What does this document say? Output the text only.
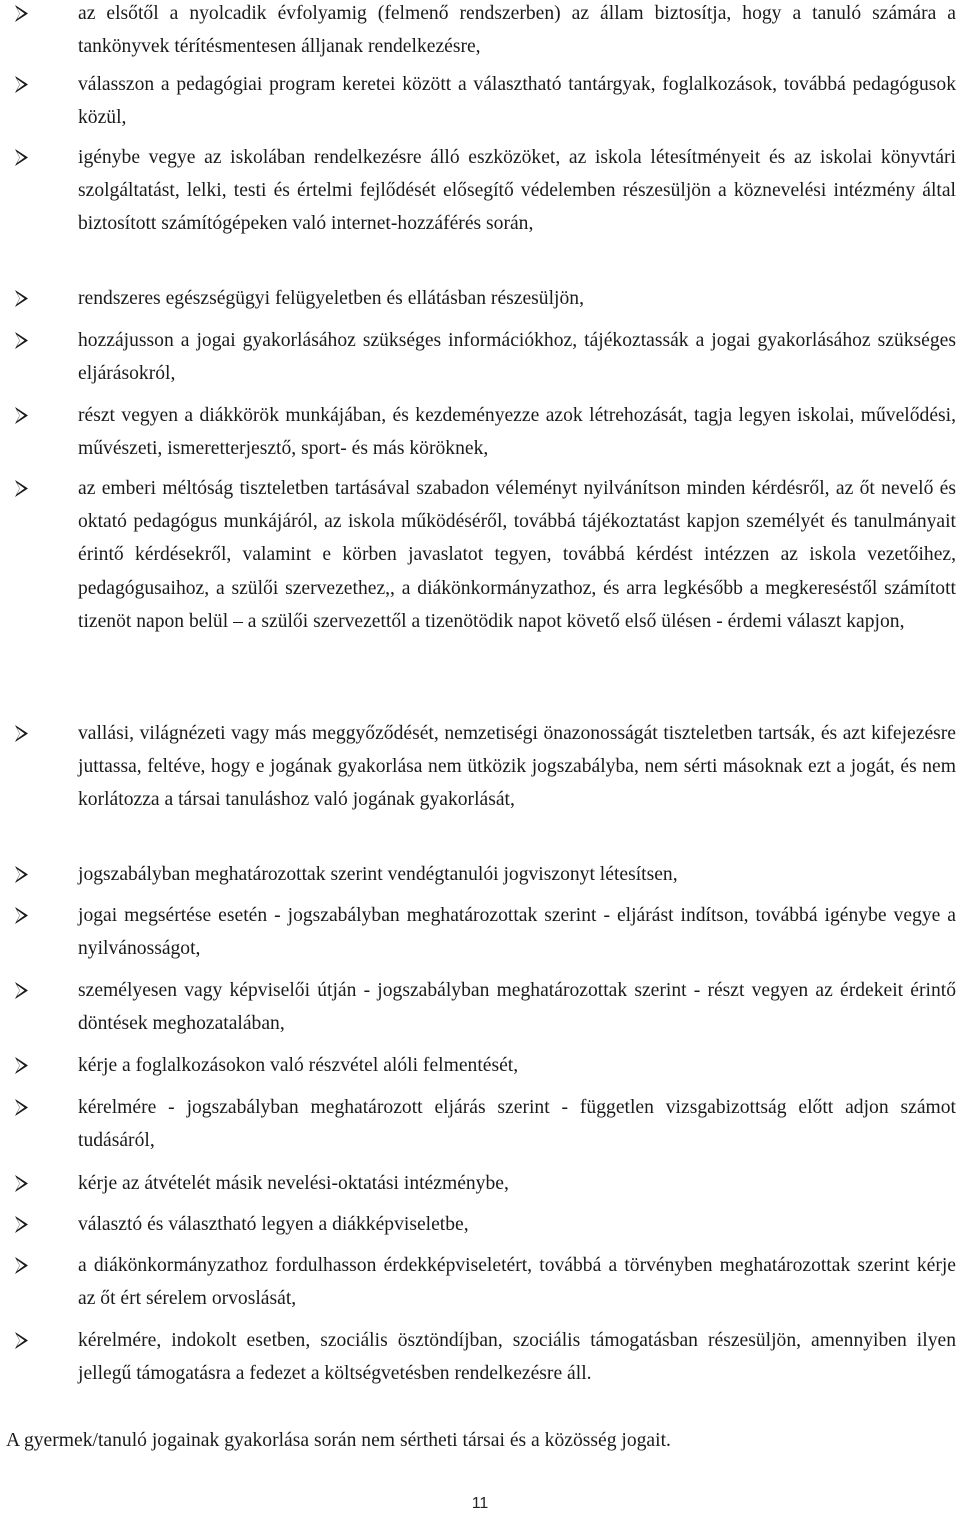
az elsőtől a nyolcadik évfolyamig (felmenő rendszerben) az állam biztosítja, hogy a tanuló számára a tankönyvek térítésmentesen álljanak rendelkezésre,
válasszon a pedagógiai program keretei között a választható tantárgyak, foglalkozások, továbbá pedagógusok közül,
igénybe vegye az iskolában rendelkezésre álló eszközöket, az iskola létesítményeit és az iskolai könyvtári szolgáltatást, lelki, testi és értelmi fejlődését elősegítő védelemben részesüljön a köznevelési intézmény által biztosított számítógépeken való internet-hozzáférés során,
rendszeres egészségügyi felügyeletben és ellátásban részesüljön,
hozzájusson a jogai gyakorlásához szükséges információkhoz, tájékoztassák a jogai gyakorlásához szükséges eljárásokról,
részt vegyen a diákkörök munkájában, és kezdeményezze azok létrehozását, tagja legyen iskolai, művelődési, művészeti, ismeretterjesztő, sport- és más köröknek,
az emberi méltóság tiszteletben tartásával szabadon véleményt nyilvánítson minden kérdésről, az őt nevelő és oktató pedagógus munkájáról, az iskola működéséről, továbbá tájékoztatást kapjon személyét és tanulmányait érintő kérdésekről, valamint e körben javaslatot tegyen, továbbá kérdést intézzen az iskola vezetőihez, pedagógusaihoz, a szülői szervezethez,, a diákönkormányzathoz, és arra legkésőbb a megkereséstől számított tizenöt napon belül – a szülői szervezettől a tizenötödik napot követő első ülésen - érdemi választ kapjon,
vallási, világnézeti vagy más meggyőződését, nemzetiségi önazonosságát tiszteletben tartsák, és azt kifejezésre juttassa, feltéve, hogy e jogának gyakorlása nem ütközik jogszabályba, nem sérti másoknak ezt a jogát, és nem korlátozza a társai tanuláshoz való jogának gyakorlását,
jogszabályban meghatározottak szerint vendégtanulói jogviszonyt létesítsen,
jogai megsértése esetén - jogszabályban meghatározottak szerint - eljárást indítson, továbbá igénybe vegye a nyilvánosságot,
személyesen vagy képviselői útján - jogszabályban meghatározottak szerint - részt vegyen az érdekeit érintő döntések meghozatalában,
kérje a foglalkozásokon való részvétel alóli felmentését,
kérelmére - jogszabályban meghatározott eljárás szerint - független vizsgabizottság előtt adjon számot tudásáról,
kérje az átvételét másik nevelési-oktatási intézménybe,
választó és választható legyen a diákképviseletbe,
a diákönkormányzathoz fordulhasson érdekképviseletért, továbbá a törvényben meghatározottak szerint kérje az őt ért sérelem orvoslását,
kérelmére, indokolt esetben, szociális ösztöndíjban, szociális támogatásban részesüljön, amennyiben ilyen jellegű támogatásra a fedezet a költségvetésben rendelkezésre áll.
A gyermek/tanuló jogainak gyakorlása során nem sértheti társai és a közösség jogait.
11
